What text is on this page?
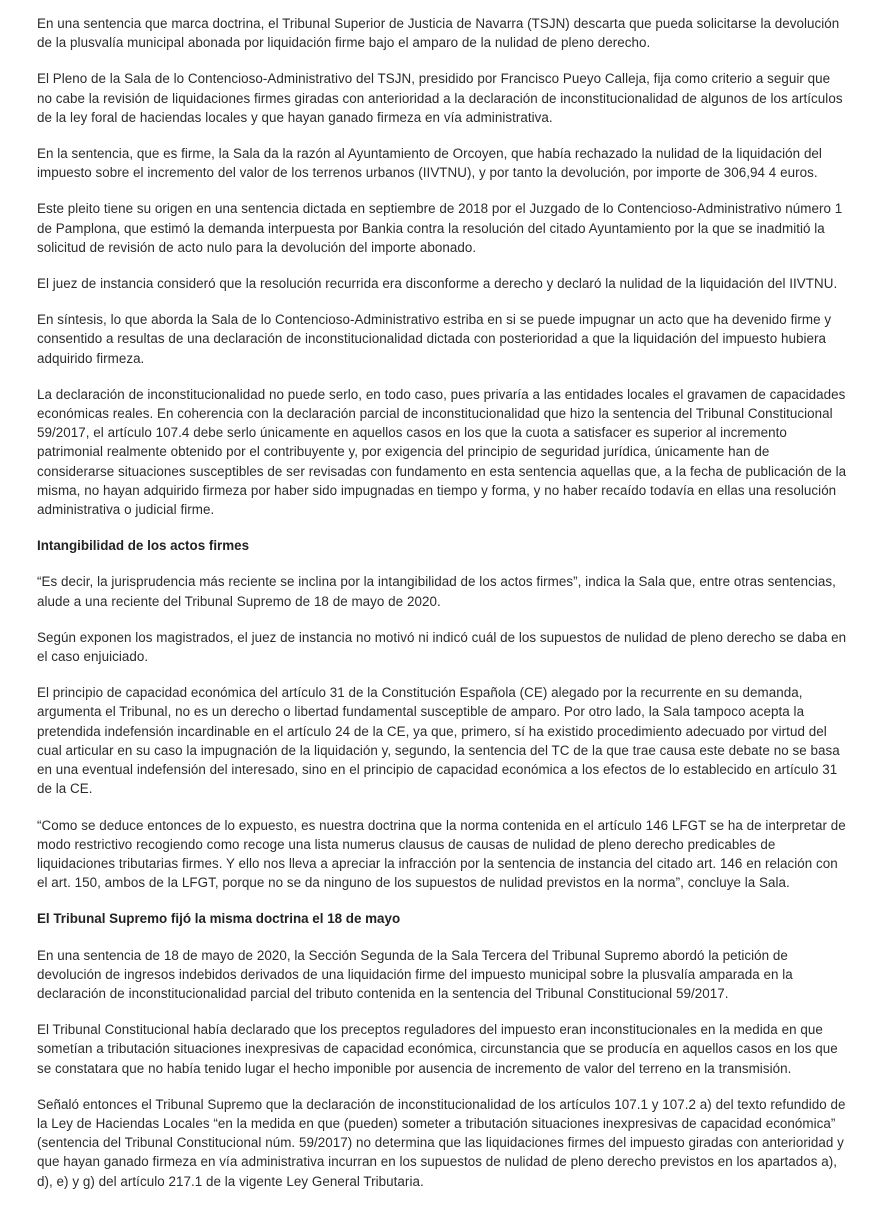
En una sentencia que marca doctrina, el Tribunal Superior de Justicia de Navarra (TSJN) descarta que pueda solicitarse la devolución de la plusvalía municipal abonada por liquidación firme bajo el amparo de la nulidad de pleno derecho.

El Pleno de la Sala de lo Contencioso-Administrativo del TSJN, presidido por Francisco Pueyo Calleja, fija como criterio a seguir que no cabe la revisión de liquidaciones firmes giradas con anterioridad a la declaración de inconstitucionalidad de algunos de los artículos de la ley foral de haciendas locales y que hayan ganado firmeza en vía administrativa.

En la sentencia, que es firme, la Sala da la razón al Ayuntamiento de Orcoyen, que había rechazado la nulidad de la liquidación del impuesto sobre el incremento del valor de los terrenos urbanos (IIVTNU), y por tanto la devolución, por importe de 306,94 4 euros.

Este pleito tiene su origen en una sentencia dictada en septiembre de 2018 por el Juzgado de lo Contencioso-Administrativo número 1 de Pamplona, que estimó la demanda interpuesta por Bankia contra la resolución del citado Ayuntamiento por la que se inadmitió la solicitud de revisión de acto nulo para la devolución del importe abonado.

El juez de instancia consideró que la resolución recurrida era disconforme a derecho y declaró la nulidad de la liquidación del IIVTNU.

En síntesis, lo que aborda la Sala de lo Contencioso-Administrativo estriba en si se puede impugnar un acto que ha devenido firme y consentido a resultas de una declaración de inconstitucionalidad dictada con posterioridad a que la liquidación del impuesto hubiera adquirido firmeza.

La declaración de inconstitucionalidad no puede serlo, en todo caso, pues privaría a las entidades locales el gravamen de capacidades económicas reales. En coherencia con la declaración parcial de inconstitucionalidad que hizo la sentencia del Tribunal Constitucional 59/2017, el artículo 107.4 debe serlo únicamente en aquellos casos en los que la cuota a satisfacer es superior al incremento patrimonial realmente obtenido por el contribuyente y, por exigencia del principio de seguridad jurídica, únicamente han de considerarse situaciones susceptibles de ser revisadas con fundamento en esta sentencia aquellas que, a la fecha de publicación de la misma, no hayan adquirido firmeza por haber sido impugnadas en tiempo y forma, y no haber recaído todavía en ellas una resolución administrativa o judicial firme.

Intangibilidad de los actos firmes

“Es decir, la jurisprudencia más reciente se inclina por la intangibilidad de los actos firmes”, indica la Sala que, entre otras sentencias, alude a una reciente del Tribunal Supremo de 18 de mayo de 2020.

Según exponen los magistrados, el juez de instancia no motivó ni indicó cuál de los supuestos de nulidad de pleno derecho se daba en el caso enjuiciado.

El principio de capacidad económica del artículo 31 de la Constitución Española (CE) alegado por la recurrente en su demanda, argumenta el Tribunal, no es un derecho o libertad fundamental susceptible de amparo. Por otro lado, la Sala tampoco acepta la pretendida indefensión incardinable en el artículo 24 de la CE, ya que, primero, sí ha existido procedimiento adecuado por virtud del cual articular en su caso la impugnación de la liquidación y, segundo, la sentencia del TC de la que trae causa este debate no se basa en una eventual indefensión del interesado, sino en el principio de capacidad económica a los efectos de lo establecido en artículo 31 de la CE.

“Como se deduce entonces de lo expuesto, es nuestra doctrina que la norma contenida en el artículo 146 LFGT se ha de interpretar de modo restrictivo recogiendo como recoge una lista numerus clausus de causas de nulidad de pleno derecho predicables de liquidaciones tributarias firmes. Y ello nos lleva a apreciar la infracción por la sentencia de instancia del citado art. 146 en relación con el art. 150, ambos de la LFGT, porque no se da ninguno de los supuestos de nulidad previstos en la norma”, concluye la Sala.

El Tribunal Supremo fijó la misma doctrina el 18 de mayo

En una sentencia de 18 de mayo de 2020, la Sección Segunda de la Sala Tercera del Tribunal Supremo abordó la petición de devolución de ingresos indebidos derivados de una liquidación firme del impuesto municipal sobre la plusvalía amparada en la declaración de inconstitucionalidad parcial del tributo contenida en la sentencia del Tribunal Constitucional 59/2017.

El Tribunal Constitucional había declarado que los preceptos reguladores del impuesto eran inconstitucionales en la medida en que sometían a tributación situaciones inexpresivas de capacidad económica, circunstancia que se producía en aquellos casos en los que se constatara que no había tenido lugar el hecho imponible por ausencia de incremento de valor del terreno en la transmisión.

Señaló entonces el Tribunal Supremo que la declaración de inconstitucionalidad de los artículos 107.1 y 107.2 a) del texto refundido de la Ley de Haciendas Locales “en la medida en que (pueden) someter a tributación situaciones inexpresivas de capacidad económica” (sentencia del Tribunal Constitucional núm. 59/2017) no determina que las liquidaciones firmes del impuesto giradas con anterioridad y que hayan ganado firmeza en vía administrativa incurran en los supuestos de nulidad de pleno derecho previstos en los apartados a), d), e) y g) del artículo 217.1 de la vigente Ley General Tributaria.
